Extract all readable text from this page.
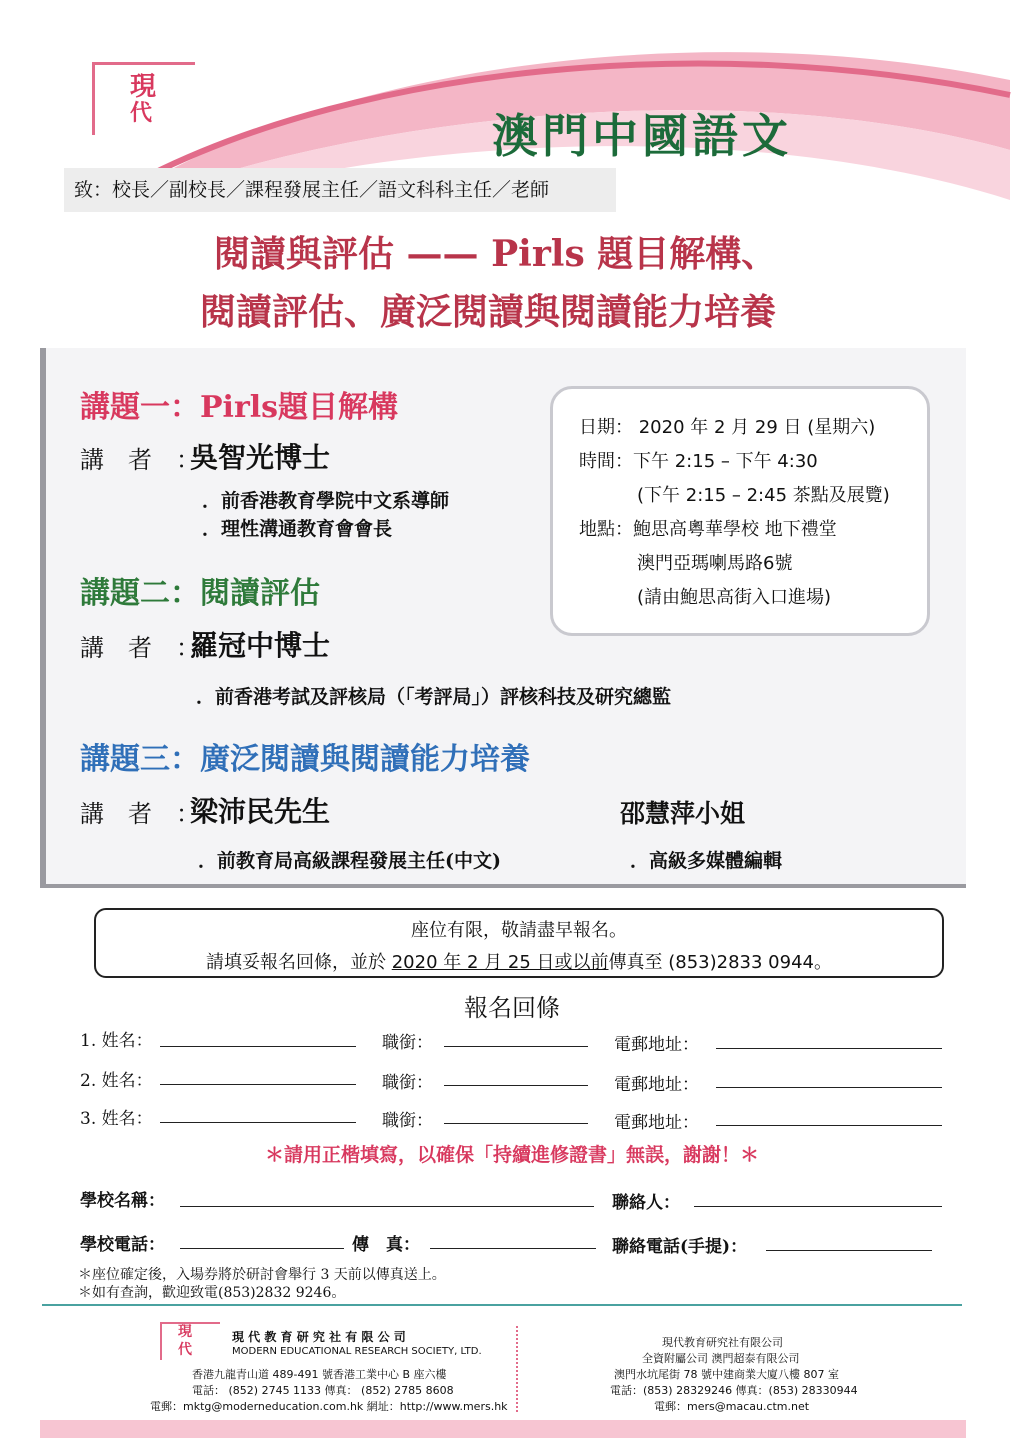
現
代	澳門中國語文
致：校長／副校長／課程發展主任／語文科科主任／老師
閱讀與評估 —— Pirls 題目解構、
閱讀評估、廣泛閱讀與閱讀能力培養
講題一：Pirls題目解構
講者：
吳智光博士
．前香港教育學院中文系導師
．理性溝通教育會會長
講題二：閱讀評估
講者：
羅冠中博士
．前香港考試及評核局（「考評局」）評核科技及研究總監
講題三：廣泛閱讀與閱讀能力培養
講者：
梁沛民先生	邵慧萍小姐
．前教育局高級課程發展主任(中文)	．高級多媒體編輯
日期： 2020 年 2 月 29 日 (星期六)
時間：下午 2:15 – 下午 4:30
(下午 2:15 – 2:45 茶點及展覽)
地點：鮑思高粵華學校 地下禮堂
澳門亞瑪喇馬路6號
(請由鮑思高街入口進場)
座位有限，敬請盡早報名。
請填妥報名回條，並於 2020 年 2 月 25 日或以前傳真至 (853)2833 0944。
報名回條
1. 姓名：	職銜：	電郵地址：
2. 姓名：	職銜：	電郵地址：
3. 姓名：	職銜：	電郵地址：
＊請用正楷填寫，以確保「持續進修證書」無誤，謝謝！＊
學校名稱：	聯絡人：
學校電話：	傳　真：	聯絡電話(手提)：
＊座位確定後，入場券將於研討會舉行 3 天前以傳真送上。
＊如有查詢，歡迎致電(853)2832 9246。
現
代
現 代 教 育 研 究 社 有 限 公 司
MODERN EDUCATIONAL RESEARCH SOCIETY, LTD.
香港九龍青山道 489-491 號香港工業中心 B 座六樓
電話： (852) 2745 1133 傳真： (852) 2785 8608
電郵：mktg@moderneducation.com.hk 網址：http://www.mers.hk
現代教育研究社有限公司
全資附屬公司 澳門超泰有限公司
澳門水坑尾街 78 號中建商業大廈八樓 807 室
電話：(853) 28329246 傳真：(853) 28330944
電郵：mers@macau.ctm.net
